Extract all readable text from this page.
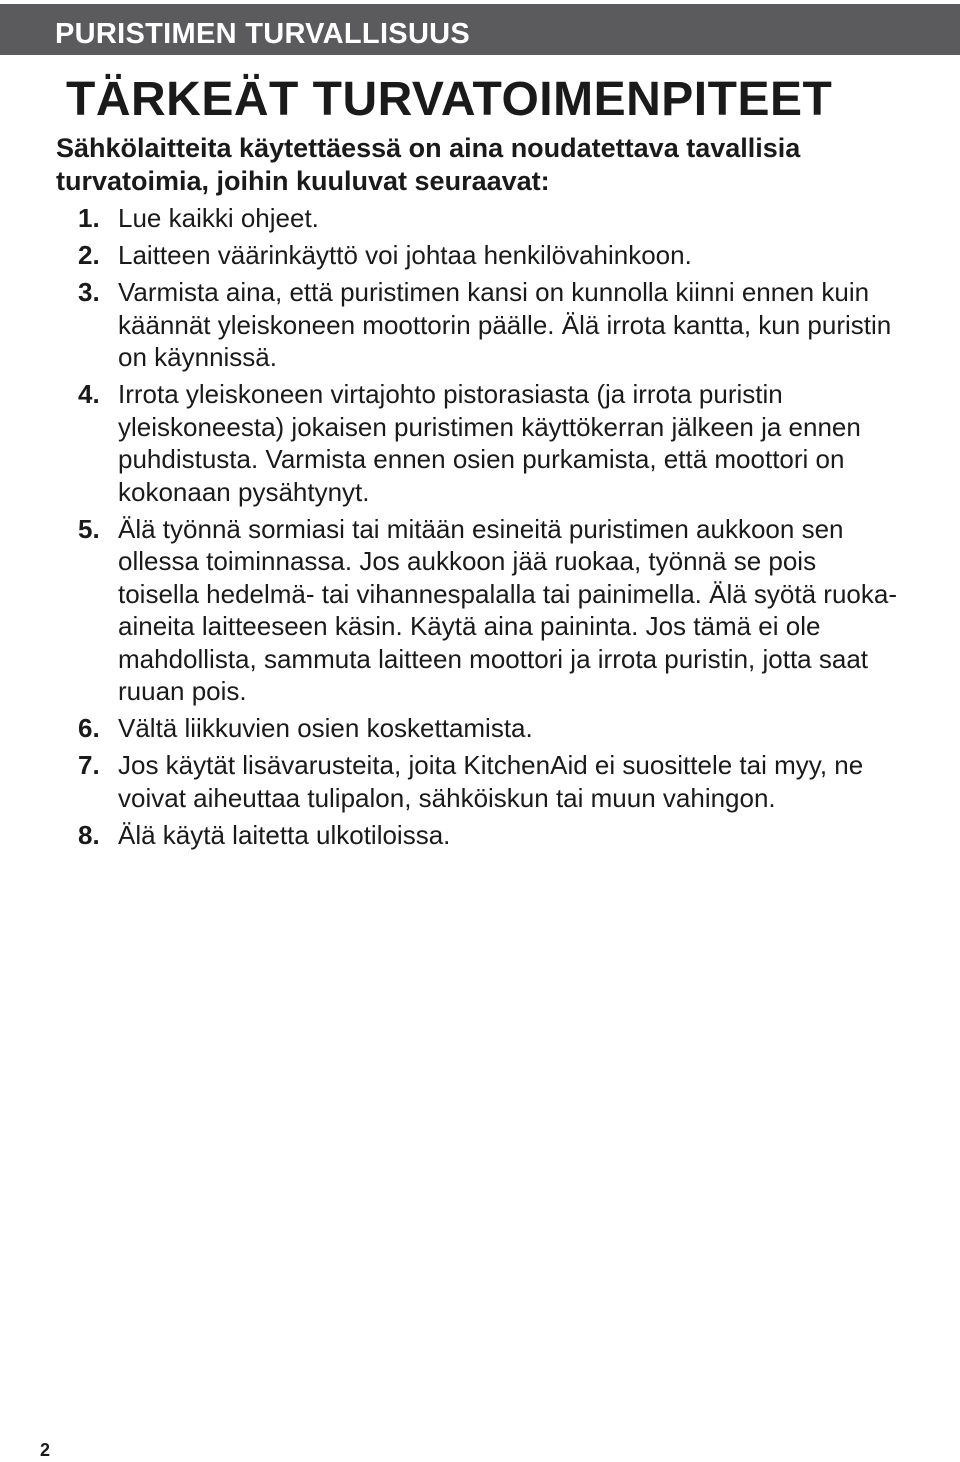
PURISTIMEN TURVALLISUUS
TÄRKEÄT TURVATOIMENPITEET
Sähkölaitteita käytettäessä on aina noudatettava tavallisia turvatoimia, joihin kuuluvat seuraavat:
1. Lue kaikki ohjeet.
2. Laitteen väärinkäyttö voi johtaa henkilövahinkoon.
3. Varmista aina, että puristimen kansi on kunnolla kiinni ennen kuin käännät yleiskoneen moottorin päälle. Älä irrota kantta, kun puristin on käynnissä.
4. Irrota yleiskoneen virtajohto pistorasiasta (ja irrota puristin yleiskoneesta) jokaisen puristimen käyttökerran jälkeen ja ennen puhdistusta. Varmista ennen osien purkamista, että moottori on kokonaan pysähtynyt.
5. Älä työnnä sormiasi tai mitään esineitä puristimen aukkoon sen ollessa toiminnassa. Jos aukkoon jää ruokaa, työnnä se pois toisella hedelmä- tai vihannespalalla tai painimella. Älä syötä ruoka-aineita laitteeseen käsin. Käytä aina paininta. Jos tämä ei ole mahdollista, sammuta laitteen moottori ja irrota puristin, jotta saat ruuan pois.
6. Vältä liikkuvien osien koskettamista.
7. Jos käytät lisävarusteita, joita KitchenAid ei suosittele tai myy, ne voivat aiheuttaa tulipalon, sähköiskun tai muun vahingon.
8. Älä käytä laitetta ulkotiloissa.
2
